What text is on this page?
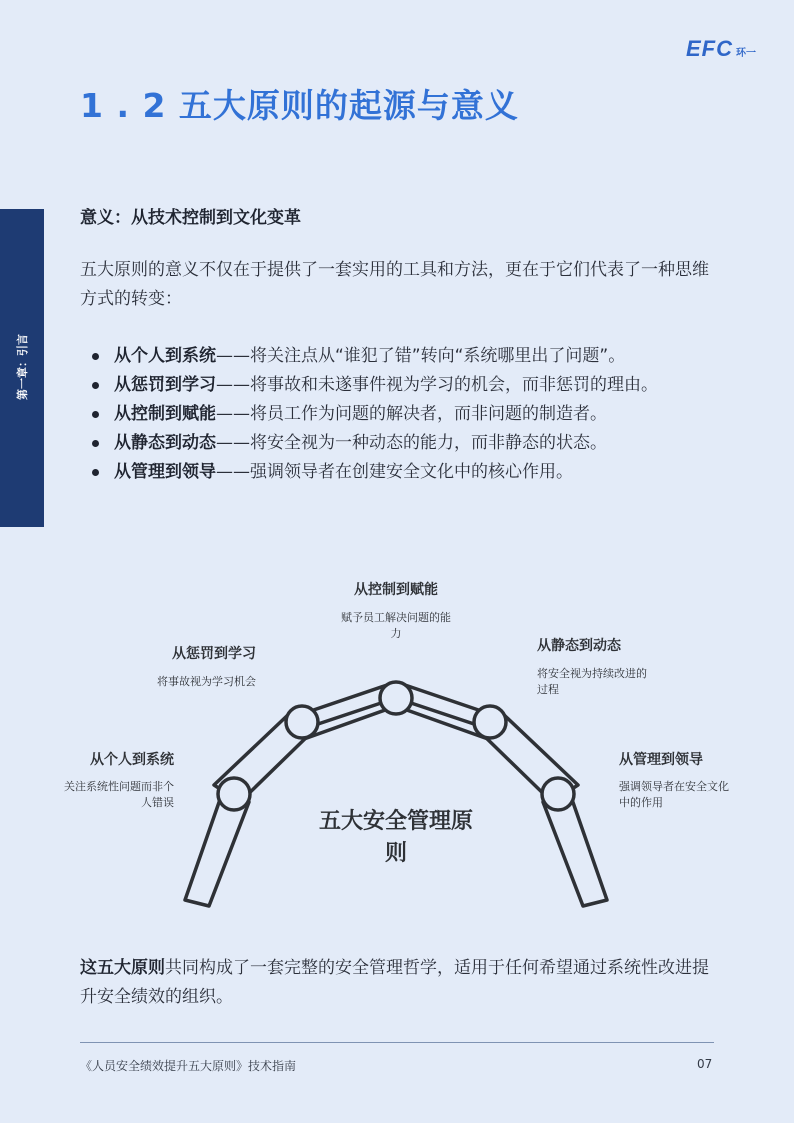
EFC 环一
1 . 2 五大原则的起源与意义
第一章：引言
意义：从技术控制到文化变革

五大原则的意义不仅在于提供了一套实用的工具和方法，更在于它们代表了一种思维方式的转变：

从个人到系统——将关注点从“谁犯了错”转向“系统哪里出了问题”。
从惩罚到学习——将事故和未遂事件视为学习的机会，而非惩罚的理由。
从控制到赋能——将员工作为问题的解决者，而非问题的制造者。
从静态到动态——将安全视为一种动态的能力，而非静态的状态。
从管理到领导——强调领导者在创建安全文化中的核心作用。
五大安全管理原
则
从个人到系统
关注系统性问题而非个
人错误
从惩罚到学习
将事故视为学习机会
从控制到赋能
赋予员工解决问题的能
力
从静态到动态
将安全视为持续改进的
过程
从管理到领导
强调领导者在安全文化
中的作用

这五大原则共同构成了一套完整的安全管理哲学，适用于任何希望通过系统性改进提升安全绩效的组织。

《人员安全绩效提升五大原则》技术指南	07
